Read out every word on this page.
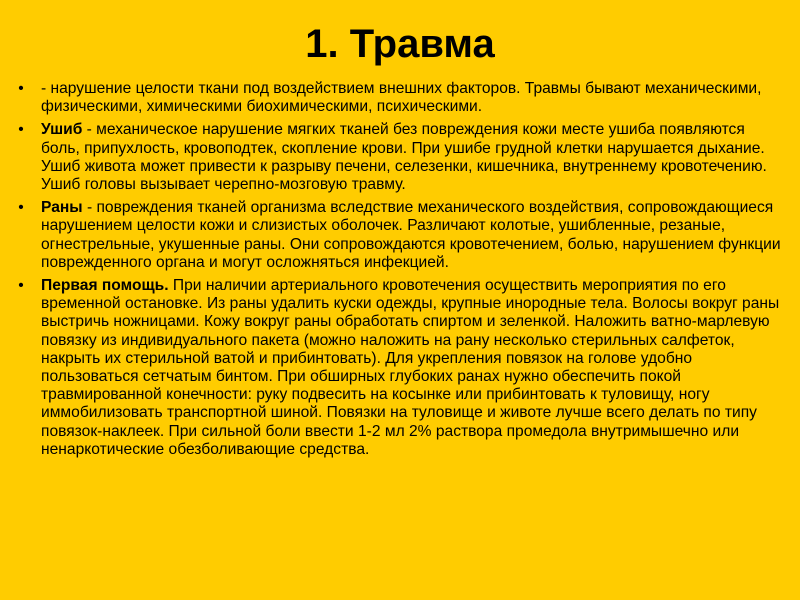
1. Травма
• - нарушение целости ткани под воздействием внешних факторов. Травмы бывают механическими, физическими, химическими биохимическими, психическими.
• Ушиб - механическое нарушение мягких тканей без повреждения кожи месте ушиба появляются боль, припухлость, кровоподтек, скопление крови. При ушибе грудной клетки нарушается дыхание. Ушиб живота может привести к разрыву печени, селезенки, кишечника, внутреннему кровотечению. Ушиб головы вызывает черепно-мозговую травму.
• Раны - повреждения тканей организма вследствие механического воздействия, сопровождающиеся нарушением целости кожи и слизистых оболочек. Различают колотые, ушибленные, резаные, огнестрельные, укушенные раны. Они сопровождаются кровотечением, болью, нарушением функции поврежденного органа и могут осложняться инфекцией.
• Первая помощь. При наличии артериального кровотечения осуществить мероприятия по его временной остановке. Из раны удалить куски одежды, крупные инородные тела. Волосы вокруг раны выстричь ножницами. Кожу вокруг раны обработать спиртом и зеленкой. Наложить ватно-марлевую повязку из индивидуального пакета (можно наложить на рану несколько стерильных салфеток, накрыть их стерильной ватой и прибинтовать). Для укрепления повязок на голове удобно пользоваться сетчатым бинтом. При обширных глубоких ранах нужно обеспечить покой травмированной конечности: руку подвесить на косынке или прибинтовать к туловищу, ногу иммобилизовать транспортной шиной. Повязки на туловище и животе лучше всего делать по типу повязок-наклеек. При сильной боли ввести 1-2 мл 2% раствора промедола внутримышечно или ненаркотические обезболивающие средства.
